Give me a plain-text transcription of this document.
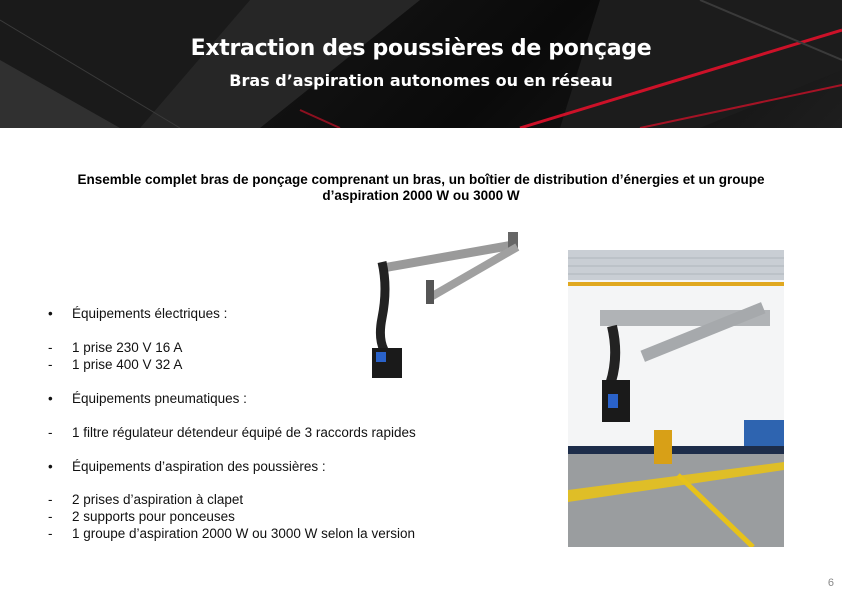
Extraction des poussières de ponçage
Bras d’aspiration autonomes ou en réseau
Ensemble complet bras de ponçage comprenant un bras, un boîtier de distribution d’énergies et un groupe d’aspiration 2000 W ou 3000 W
•	Équipements électriques :
-	1 prise 230 V 16 A
-	1 prise 400 V 32 A
•	Équipements pneumatiques :
-	1 filtre régulateur détendeur équipé de 3 raccords rapides
•	Équipements d’aspiration des poussières :
-	2 prises d’aspiration à clapet
-	2 supports pour ponceuses
-	1 groupe d’aspiration 2000 W ou 3000 W selon la version
6
